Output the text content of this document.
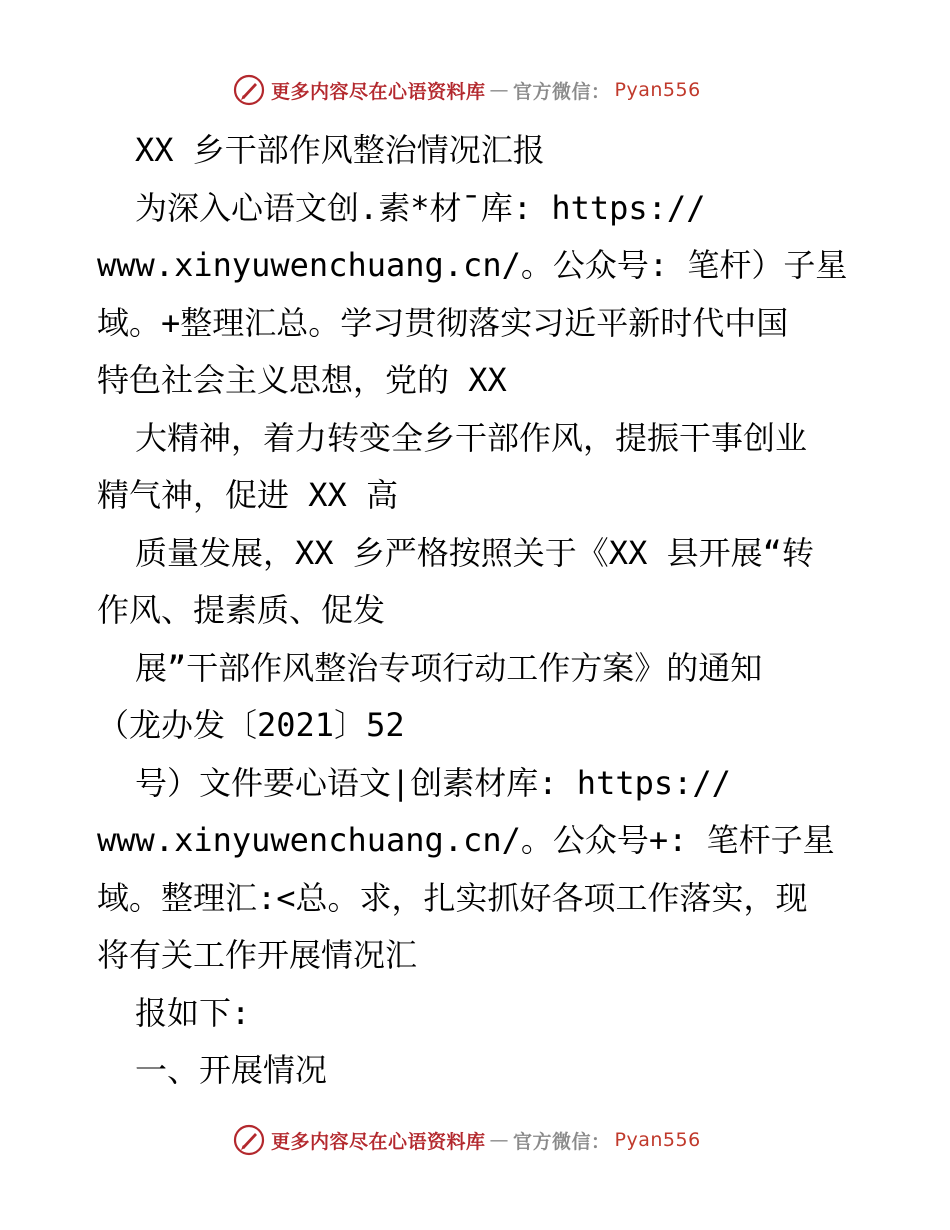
更多内容尽在心语资料库 — 官方微信： Pyan556
XX 乡干部作风整治情况汇报
为深入心语文创.素*材¯库: https://
www.xinyuwenchuang.cn/。公众号: 笔杆）子星
域。+整理汇总。学习贯彻落实习近平新时代中国
特色社会主义思想，党的 XX
大精神，着力转变全乡干部作风，提振干事创业
精气神，促进 XX 高
质量发展，XX 乡严格按照关于《XX 县开展“转
作风、提素质、促发
展”干部作风整治专项行动工作方案》的通知
（龙办发〔2021〕52
号）文件要心语文|创素材库: https://
www.xinyuwenchuang.cn/。公众号+: 笔杆子星
域。整理汇:<总。求，扎实抓好各项工作落实，现
将有关工作开展情况汇
报如下:
一、开展情况
更多内容尽在心语资料库 — 官方微信： Pyan556
